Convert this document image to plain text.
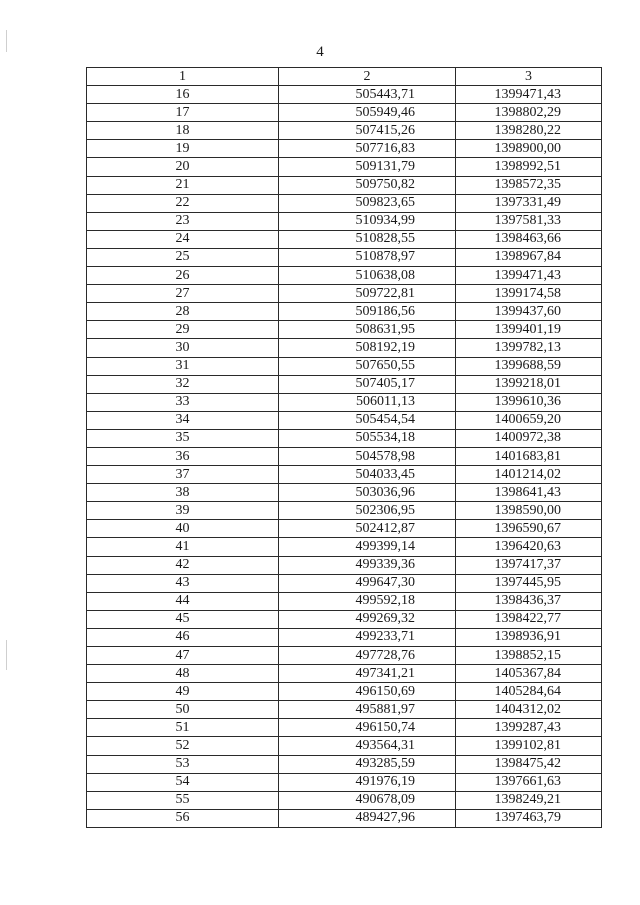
4
1	2	3
16	505443,71	1399471,43
17	505949,46	1398802,29
18	507415,26	1398280,22
19	507716,83	1398900,00
20	509131,79	1398992,51
21	509750,82	1398572,35
22	509823,65	1397331,49
23	510934,99	1397581,33
24	510828,55	1398463,66
25	510878,97	1398967,84
26	510638,08	1399471,43
27	509722,81	1399174,58
28	509186,56	1399437,60
29	508631,95	1399401,19
30	508192,19	1399782,13
31	507650,55	1399688,59
32	507405,17	1399218,01
33	506011,13	1399610,36
34	505454,54	1400659,20
35	505534,18	1400972,38
36	504578,98	1401683,81
37	504033,45	1401214,02
38	503036,96	1398641,43
39	502306,95	1398590,00
40	502412,87	1396590,67
41	499399,14	1396420,63
42	499339,36	1397417,37
43	499647,30	1397445,95
44	499592,18	1398436,37
45	499269,32	1398422,77
46	499233,71	1398936,91
47	497728,76	1398852,15
48	497341,21	1405367,84
49	496150,69	1405284,64
50	495881,97	1404312,02
51	496150,74	1399287,43
52	493564,31	1399102,81
53	493285,59	1398475,42
54	491976,19	1397661,63
55	490678,09	1398249,21
56	489427,96	1397463,79
